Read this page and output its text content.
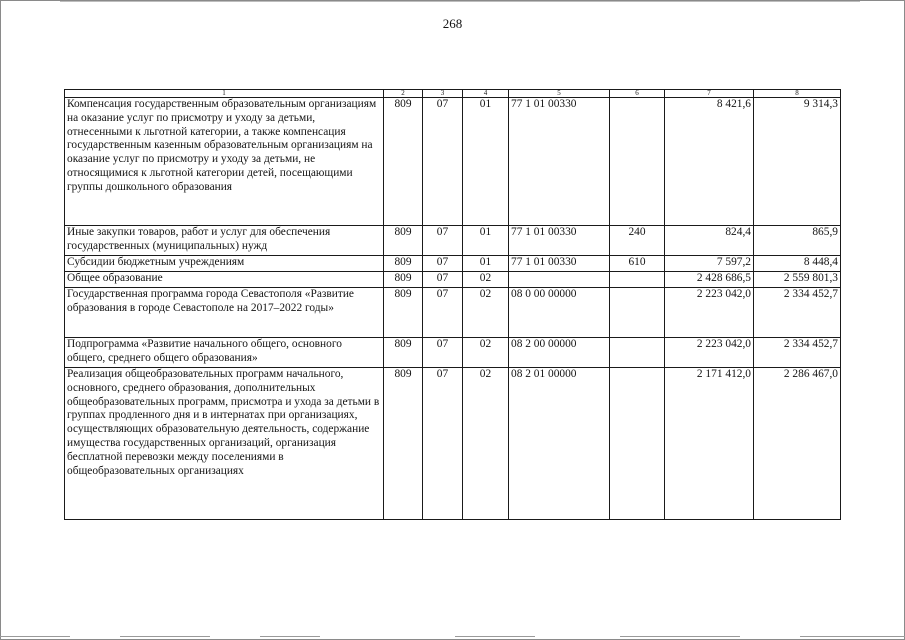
268
1	2	3	4	5	6	7	8
Компенсация государственным образовательным организациям на оказание услуг по присмотру и уходу за детьми, отнесенными к льготной категории, а также компенсация государственным казенным образовательным организациям на оказание услуг по присмотру и уходу за детьми, не относящимися к льготной категории детей, посещающими группы дошкольного образования	809	07	01	77 1 01 00330		8 421,6	9 314,3
Иные закупки товаров, работ и услуг для обеспечения государственных (муниципальных) нужд	809	07	01	77 1 01 00330	240	824,4	865,9
Субсидии бюджетным учреждениям	809	07	01	77 1 01 00330	610	7 597,2	8 448,4
Общее образование	809	07	02			2 428 686,5	2 559 801,3
Государственная программа города Севастополя «Развитие образования в городе Севастополе на 2017–2022 годы»	809	07	02	08 0 00 00000		2 223 042,0	2 334 452,7
Подпрограмма «Развитие начального общего, основного общего, среднего общего образования»	809	07	02	08 2 00 00000		2 223 042,0	2 334 452,7
Реализация общеобразовательных программ начального, основного, среднего образования, дополнительных общеобразовательных программ, присмотра и ухода за детьми в группах продленного дня и в интернатах при организациях, осуществляющих образовательную деятельность, содержание имущества государственных организаций, организация бесплатной перевозки между поселениями в общеобразовательных организациях	809	07	02	08 2 01 00000		2 171 412,0	2 286 467,0
